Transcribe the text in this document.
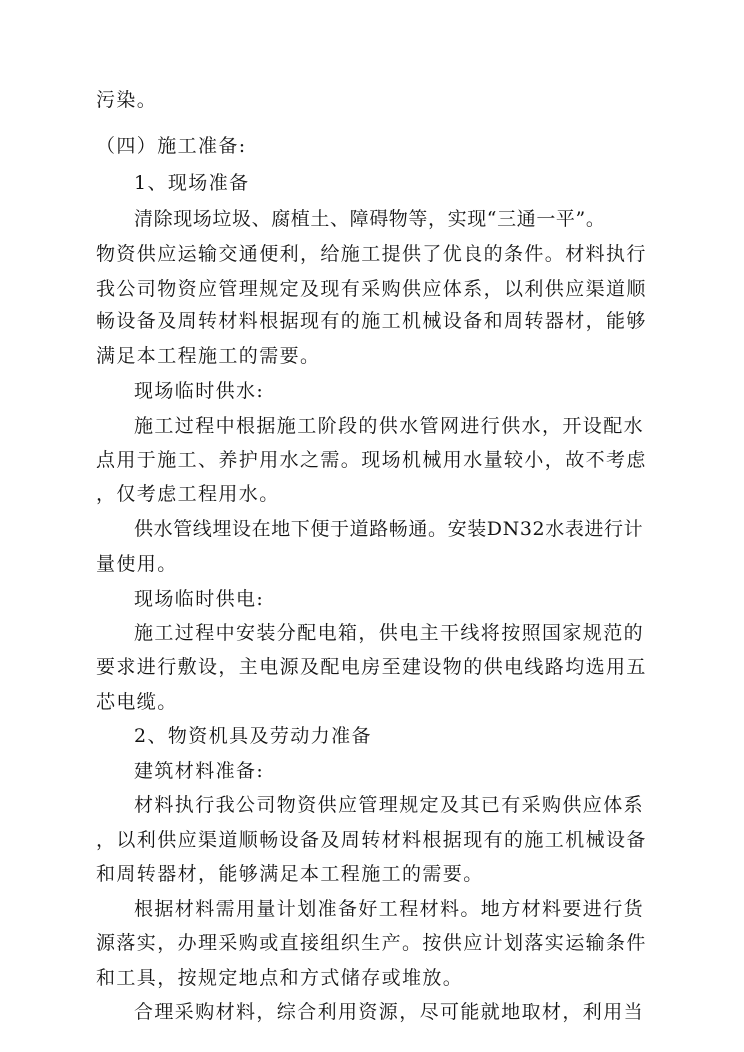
污染。
（四）施工准备:
1、现场准备
清除现场垃圾、腐植土、障碍物等，实现“三通一平”。
物资供应运输交通便利，给施工提供了优良的条件。材料执行
我公司物资应管理规定及现有采购供应体系，以利供应渠道顺
畅设备及周转材料根据现有的施工机械设备和周转器材，能够
满足本工程施工的需要。
现场临时供水:
施工过程中根据施工阶段的供水管网进行供水，开设配水
点用于施工、养护用水之需。现场机械用水量较小，故不考虑
，仅考虑工程用水。
供水管线埋设在地下便于道路畅通。安装DN32水表进行计
量使用。
现场临时供电:
施工过程中安装分配电箱，供电主干线将按照国家规范的
要求进行敷设，主电源及配电房至建设物的供电线路均选用五
芯电缆。
2、物资机具及劳动力准备
建筑材料准备:
材料执行我公司物资供应管理规定及其已有采购供应体系
，以利供应渠道顺畅设备及周转材料根据现有的施工机械设备
和周转器材，能够满足本工程施工的需要。
根据材料需用量计划准备好工程材料。地方材料要进行货
源落实，办理采购或直接组织生产。按供应计划落实运输条件
和工具，按规定地点和方式储存或堆放。
合理采购材料，综合利用资源，尽可能就地取材，利用当
